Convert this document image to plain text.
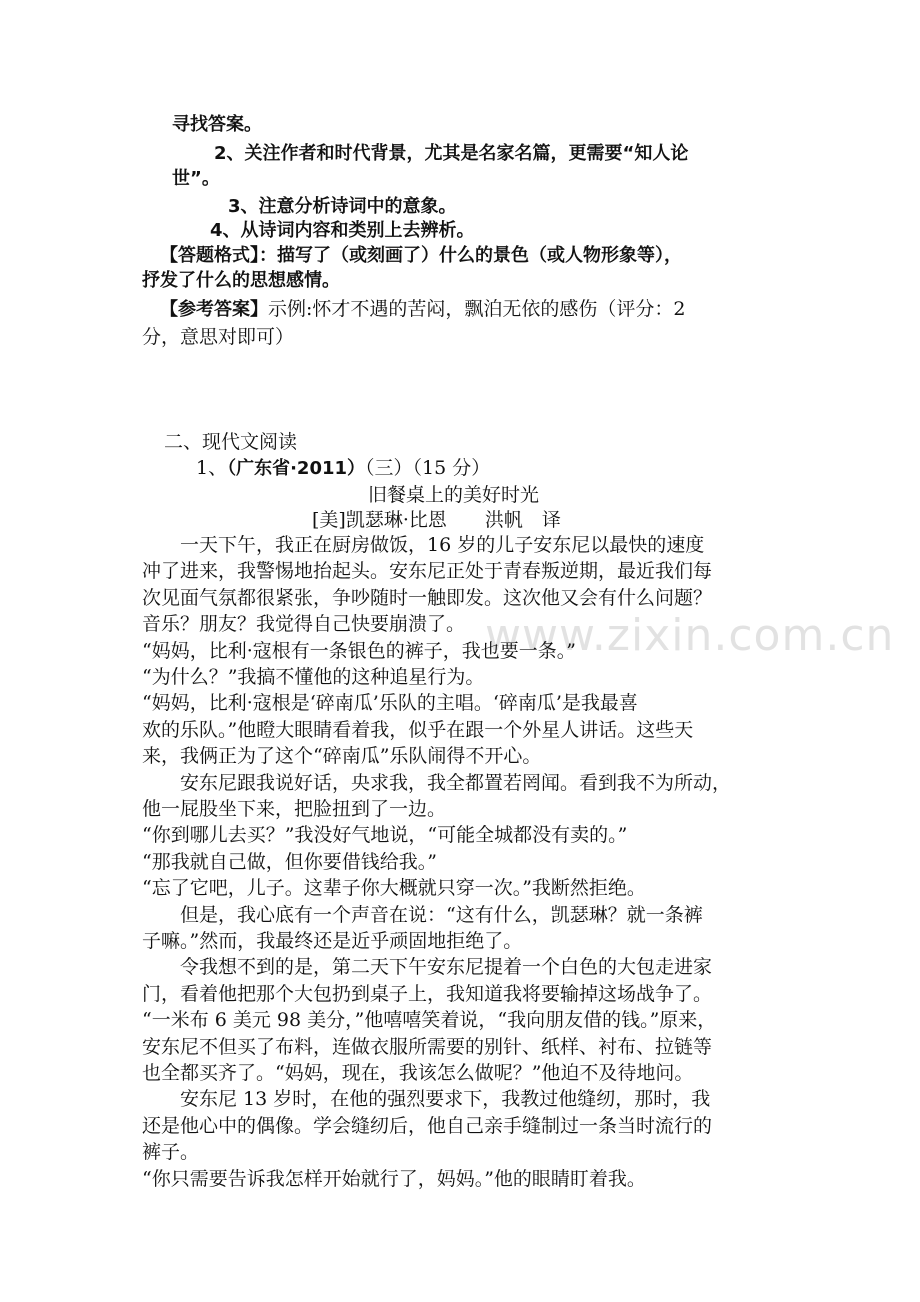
寻找答案。
2、关注作者和时代背景，尤其是名家名篇，更需要“知人论
世”。
3、注意分析诗词中的意象。
4、从诗词内容和类别上去辨析。
【答题格式】：描写了（或刻画了）什么的景色（或人物形象等），
抒发了什么的思想感情。
【参考答案】示例:怀才不遇的苦闷，飘泊无依的感伤（评分：2
分，意思对即可）
二、现代文阅读
1、（广东省·2011）（三）（15 分）
旧餐桌上的美好时光
[美]凯瑟琳·比恩　　洪帆　译
www.zixin.com.cn
一天下午，我正在厨房做饭，16 岁的儿子安东尼以最快的速度
冲了进来，我警惕地抬起头。安东尼正处于青春叛逆期，最近我们每
次见面气氛都很紧张，争吵随时一触即发。这次他又会有什么问题？
音乐？朋友？我觉得自己快要崩溃了。
“妈妈，比利·寇根有一条银色的裤子，我也要一条。”
“为什么？”我搞不懂他的这种追星行为。
“妈妈，比利·寇根是‘碎南瓜’乐队的主唱。‘碎南瓜’是我最喜
欢的乐队。”他瞪大眼睛看着我，似乎在跟一个外星人讲话。这些天
来，我俩正为了这个“碎南瓜”乐队闹得不开心。
安东尼跟我说好话，央求我，我全都置若罔闻。看到我不为所动，
他一屁股坐下来，把脸扭到了一边。
“你到哪儿去买？”我没好气地说，“可能全城都没有卖的。”
“那我就自己做，但你要借钱给我。”
“忘了它吧，儿子。这辈子你大概就只穿一次。”我断然拒绝。
但是，我心底有一个声音在说：“这有什么，凯瑟琳？就一条裤
子嘛。”然而，我最终还是近乎顽固地拒绝了。
令我想不到的是，第二天下午安东尼提着一个白色的大包走进家
门，看着他把那个大包扔到桌子上，我知道我将要输掉这场战争了。
“一米布 6 美元 98 美分，”他嘻嘻笑着说，“我向朋友借的钱。”原来，
安东尼不但买了布料，连做衣服所需要的别针、纸样、衬布、拉链等
也全都买齐了。“妈妈，现在，我该怎么做呢？”他迫不及待地问。
安东尼 13 岁时，在他的强烈要求下，我教过他缝纫，那时，我
还是他心中的偶像。学会缝纫后，他自己亲手缝制过一条当时流行的
裤子。
“你只需要告诉我怎样开始就行了，妈妈。”他的眼睛盯着我。
